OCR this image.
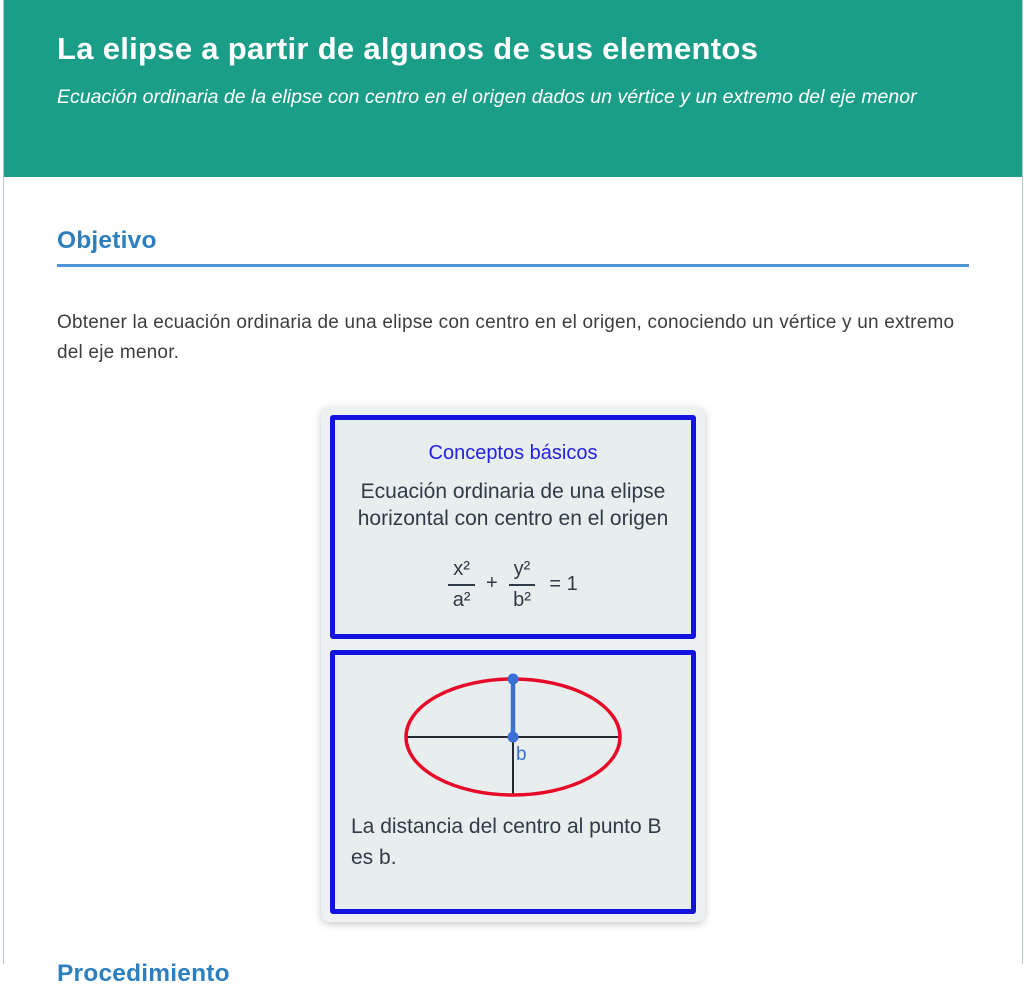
La elipse a partir de algunos de sus elementos
Ecuación ordinaria de la elipse con centro en el origen dados un vértice y un extremo del eje menor
Objetivo

Obtener la ecuación ordinaria de una elipse con centro en el origen, conociendo un vértice y un extremo del eje menor.

Conceptos básicos
Ecuación ordinaria de una elipse horizontal con centro en el origen
$\frac{\text{x²}}{\text{a²}} + \frac{\text{y²}}{\text{b²}} = 1$
b
La distancia del centro al punto B es b.
Procedimiento
